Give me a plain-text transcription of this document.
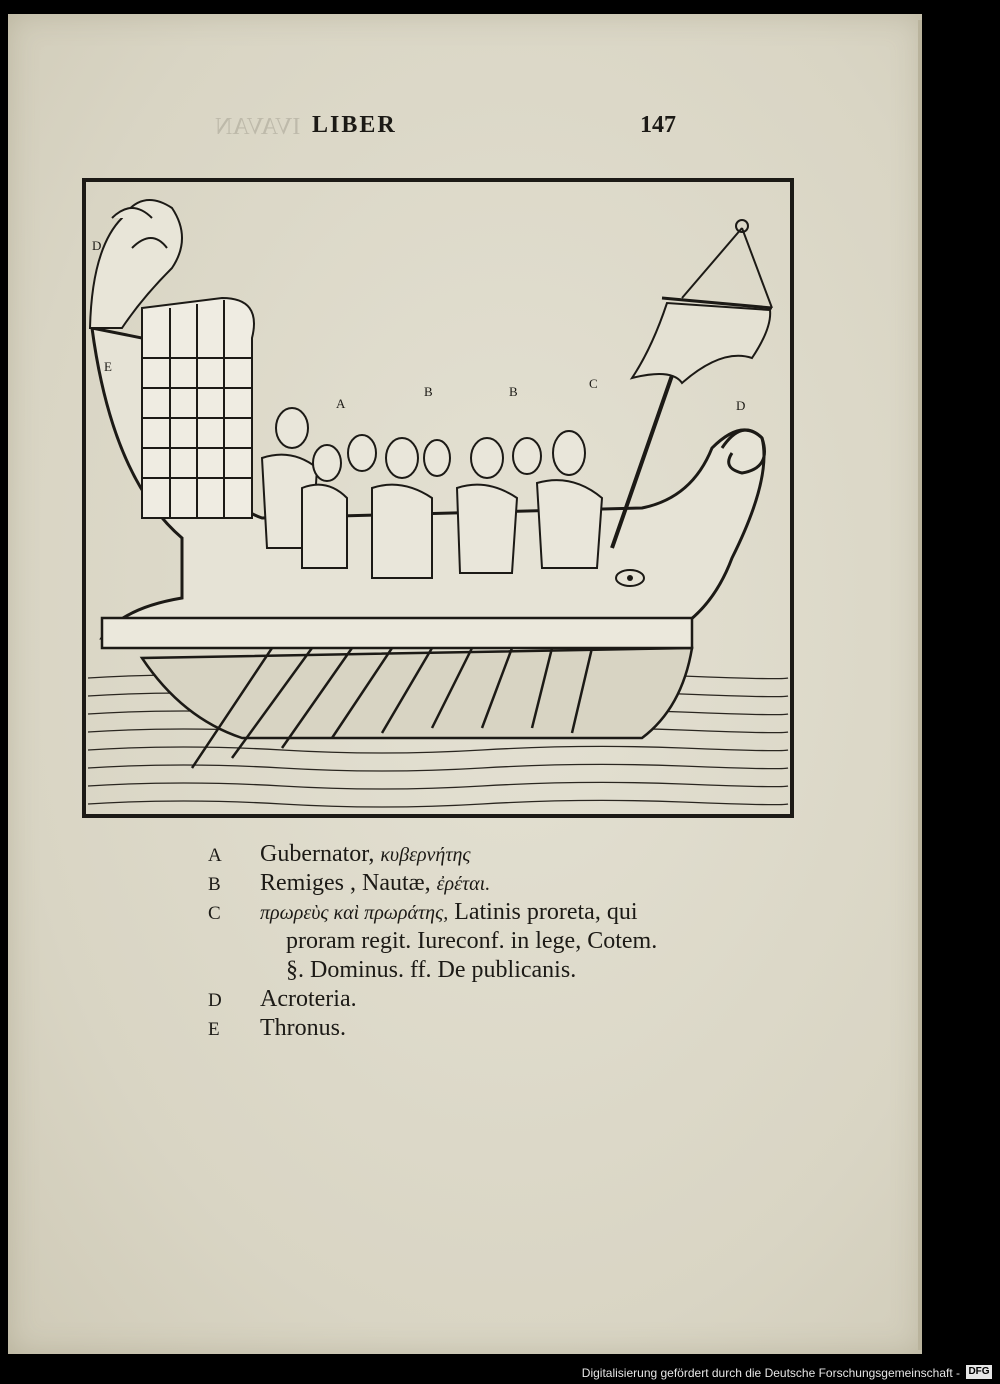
IVAVAN LIBER	147
D
E
A
B	B
C
D
A	Gubernator, κυβερνήτης
B	Remiges , Nautæ, ἐρέται.
C	πρωρεὺς καὶ πρωράτης, Latinis proreta, qui
proram regit. Iureconf. in lege, Cotem.
§. Dominus. ff. De publicanis.
D	Acroteria.
E	Thronus.
Digitalisierung gefördert durch die Deutsche Forschungsgemeinschaft - DFG
